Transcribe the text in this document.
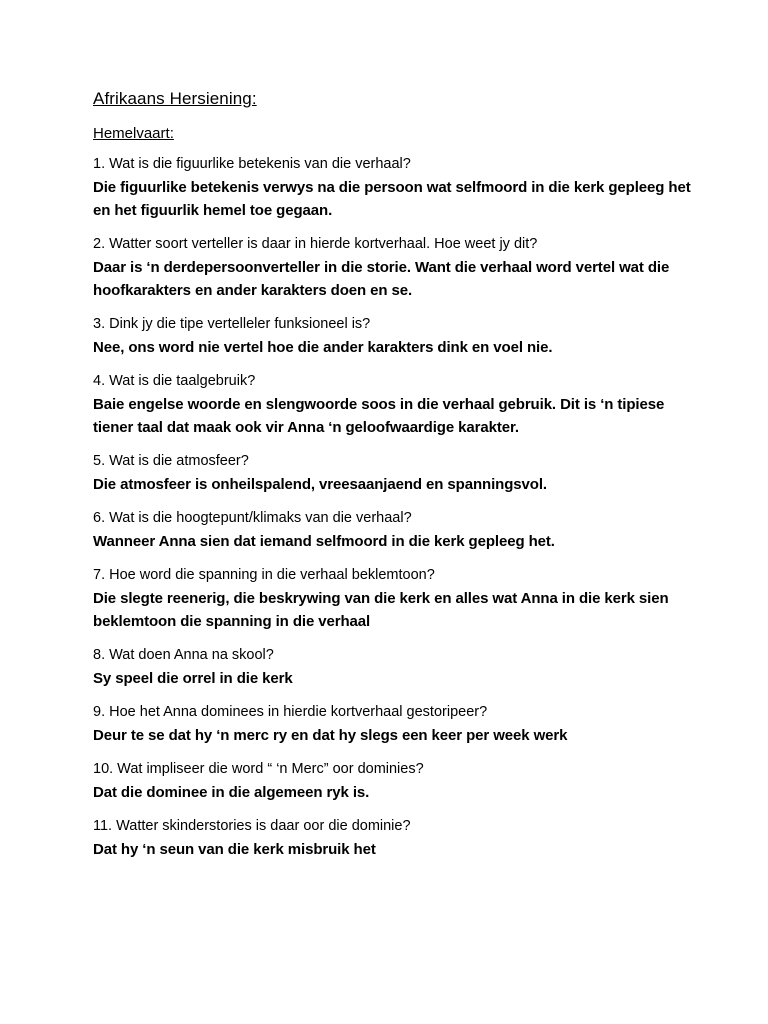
Afrikaans Hersiening:
Hemelvaart:
1. Wat is die figuurlike betekenis van die verhaal?
Die figuurlike betekenis verwys na die persoon wat selfmoord in die kerk gepleeg het en het figuurlik hemel toe gegaan.
2. Watter soort verteller is daar in hierde kortverhaal. Hoe weet jy dit?
Daar is ‘n derdepersoonverteller in die storie. Want die verhaal word vertel wat die hoofkarakters en ander karakters doen en se.
3. Dink jy die tipe vertelleler funksioneel is?
Nee, ons word nie vertel hoe die ander karakters dink en voel nie.
4. Wat is die taalgebruik?
Baie engelse woorde en slengwoorde soos in die verhaal gebruik. Dit is ‘n tipiese tiener taal dat maak ook vir Anna ‘n geloofwaardige karakter.
5. Wat is die atmosfeer?
Die atmosfeer is onheilspalend, vreesaanjaend en spanningsvol.
6. Wat is die hoogtepunt/klimaks van die verhaal?
Wanneer Anna sien dat iemand selfmoord in die kerk gepleeg het.
7. Hoe word die spanning in die verhaal beklemtoon?
Die slegte reenerig, die beskrywing van die kerk en alles wat Anna in die kerk sien beklemtoon die spanning in die verhaal
8. Wat doen Anna na skool?
Sy speel die orrel in die kerk
9. Hoe het Anna dominees in hierdie kortverhaal gestoripeer?
Deur te se dat hy ‘n merc ry en dat hy slegs een keer per week werk
10. Wat impliseer die word “ ‘n Merc” oor dominies?
Dat die dominee in die algemeen ryk is.
11. Watter skinderstories is daar oor die dominie?
Dat hy ‘n seun van die kerk misbruik het
